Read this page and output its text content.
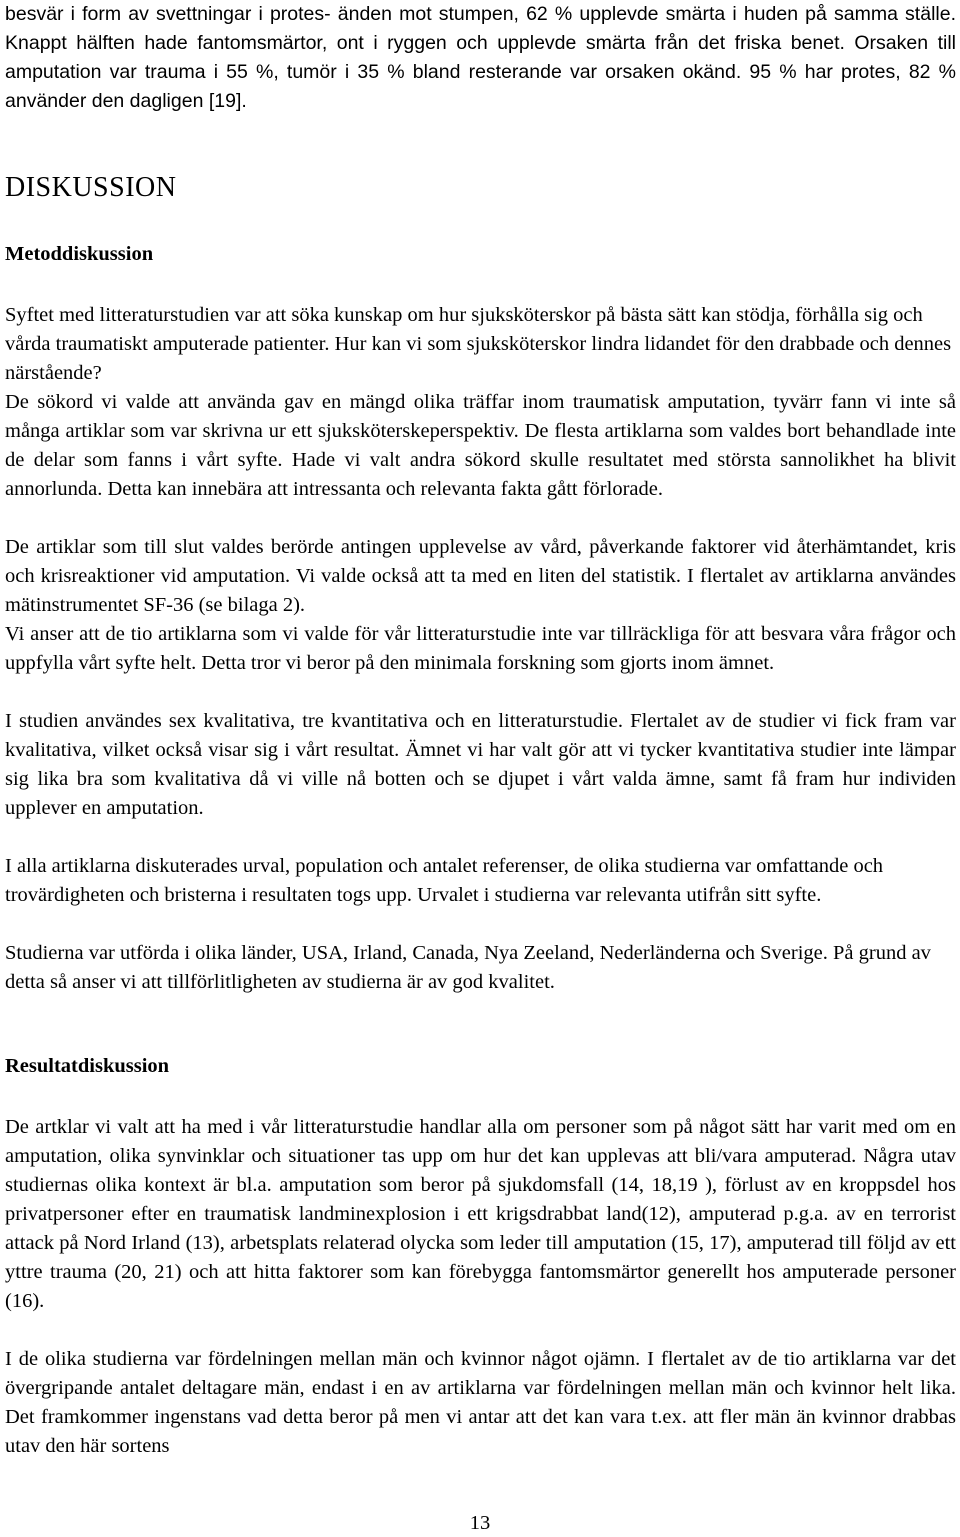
besvär i form av svettningar i protes- änden mot stumpen, 62 % upplevde smärta i huden på samma ställe. Knappt hälften hade fantomsmärtor, ont i ryggen och upplevde smärta från det friska benet. Orsaken till amputation var trauma i 55 %, tumör i 35 % bland resterande var orsaken okänd. 95 % har protes, 82 % använder den dagligen [19].

DISKUSSION
Metoddiskussion

Syftet med litteraturstudien var att söka kunskap om hur sjuksköterskor på bästa sätt kan stödja, förhålla sig och vårda traumatiskt amputerade patienter. Hur kan vi som sjuksköterskor lindra lidandet för den drabbade och dennes närstående?

De sökord vi valde att använda gav en mängd olika träffar inom traumatisk amputation, tyvärr fann vi inte så många artiklar som var skrivna ur ett sjuksköterskeperspektiv. De flesta artiklarna som valdes bort behandlade inte de delar som fanns i vårt syfte. Hade vi valt andra sökord skulle resultatet med största sannolikhet ha blivit annorlunda. Detta kan innebära att intressanta och relevanta fakta gått förlorade.

De artiklar som till slut valdes berörde antingen upplevelse av vård, påverkande faktorer vid återhämtandet, kris och krisreaktioner vid amputation. Vi valde också att ta med en liten del statistik. I flertalet av artiklarna användes mätinstrumentet SF-36 (se bilaga 2).

Vi anser att de tio artiklarna som vi valde för vår litteraturstudie inte var tillräckliga för att besvara våra frågor och uppfylla vårt syfte helt. Detta tror vi beror på den minimala forskning som gjorts inom ämnet.

I studien användes sex kvalitativa, tre kvantitativa och en litteraturstudie. Flertalet av de studier vi fick fram var kvalitativa, vilket också visar sig i vårt resultat. Ämnet vi har valt gör att vi tycker kvantitativa studier inte lämpar sig lika bra som kvalitativa då vi ville nå botten och se djupet i vårt valda ämne, samt få fram hur individen upplever en amputation.

I alla artiklarna diskuterades urval, population och antalet referenser, de olika studierna var omfattande och trovärdigheten och bristerna i resultaten togs upp. Urvalet i studierna var relevanta utifrån sitt syfte.

Studierna var utförda i olika länder, USA, Irland, Canada, Nya Zeeland, Nederländerna och Sverige. På grund av detta så anser vi att tillförlitligheten av studierna är av god kvalitet.

Resultatdiskussion

De artklar vi valt att ha med i vår litteraturstudie handlar alla om personer som på något sätt har varit med om en amputation, olika synvinklar och situationer tas upp om hur det kan upplevas att bli/vara amputerad. Några utav studiernas olika kontext är bl.a. amputation som beror på sjukdomsfall (14, 18,19 ), förlust av en kroppsdel hos privatpersoner efter en traumatisk landminexplosion i ett krigsdrabbat land(12), amputerad p.g.a. av en terrorist attack på Nord Irland (13), arbetsplats relaterad olycka som leder till amputation (15, 17), amputerad till följd av ett yttre trauma (20, 21) och att hitta faktorer som kan förebygga fantomsmärtor generellt hos amputerade personer (16).

I de olika studierna var fördelningen mellan män och kvinnor något ojämn. I flertalet av de tio artiklarna var det övergripande antalet deltagare män, endast i en av artiklarna var fördelningen mellan män och kvinnor helt lika. Det framkommer ingenstans vad detta beror på men vi antar att det kan vara t.ex. att fler män än kvinnor drabbas utav den här sortens

13
